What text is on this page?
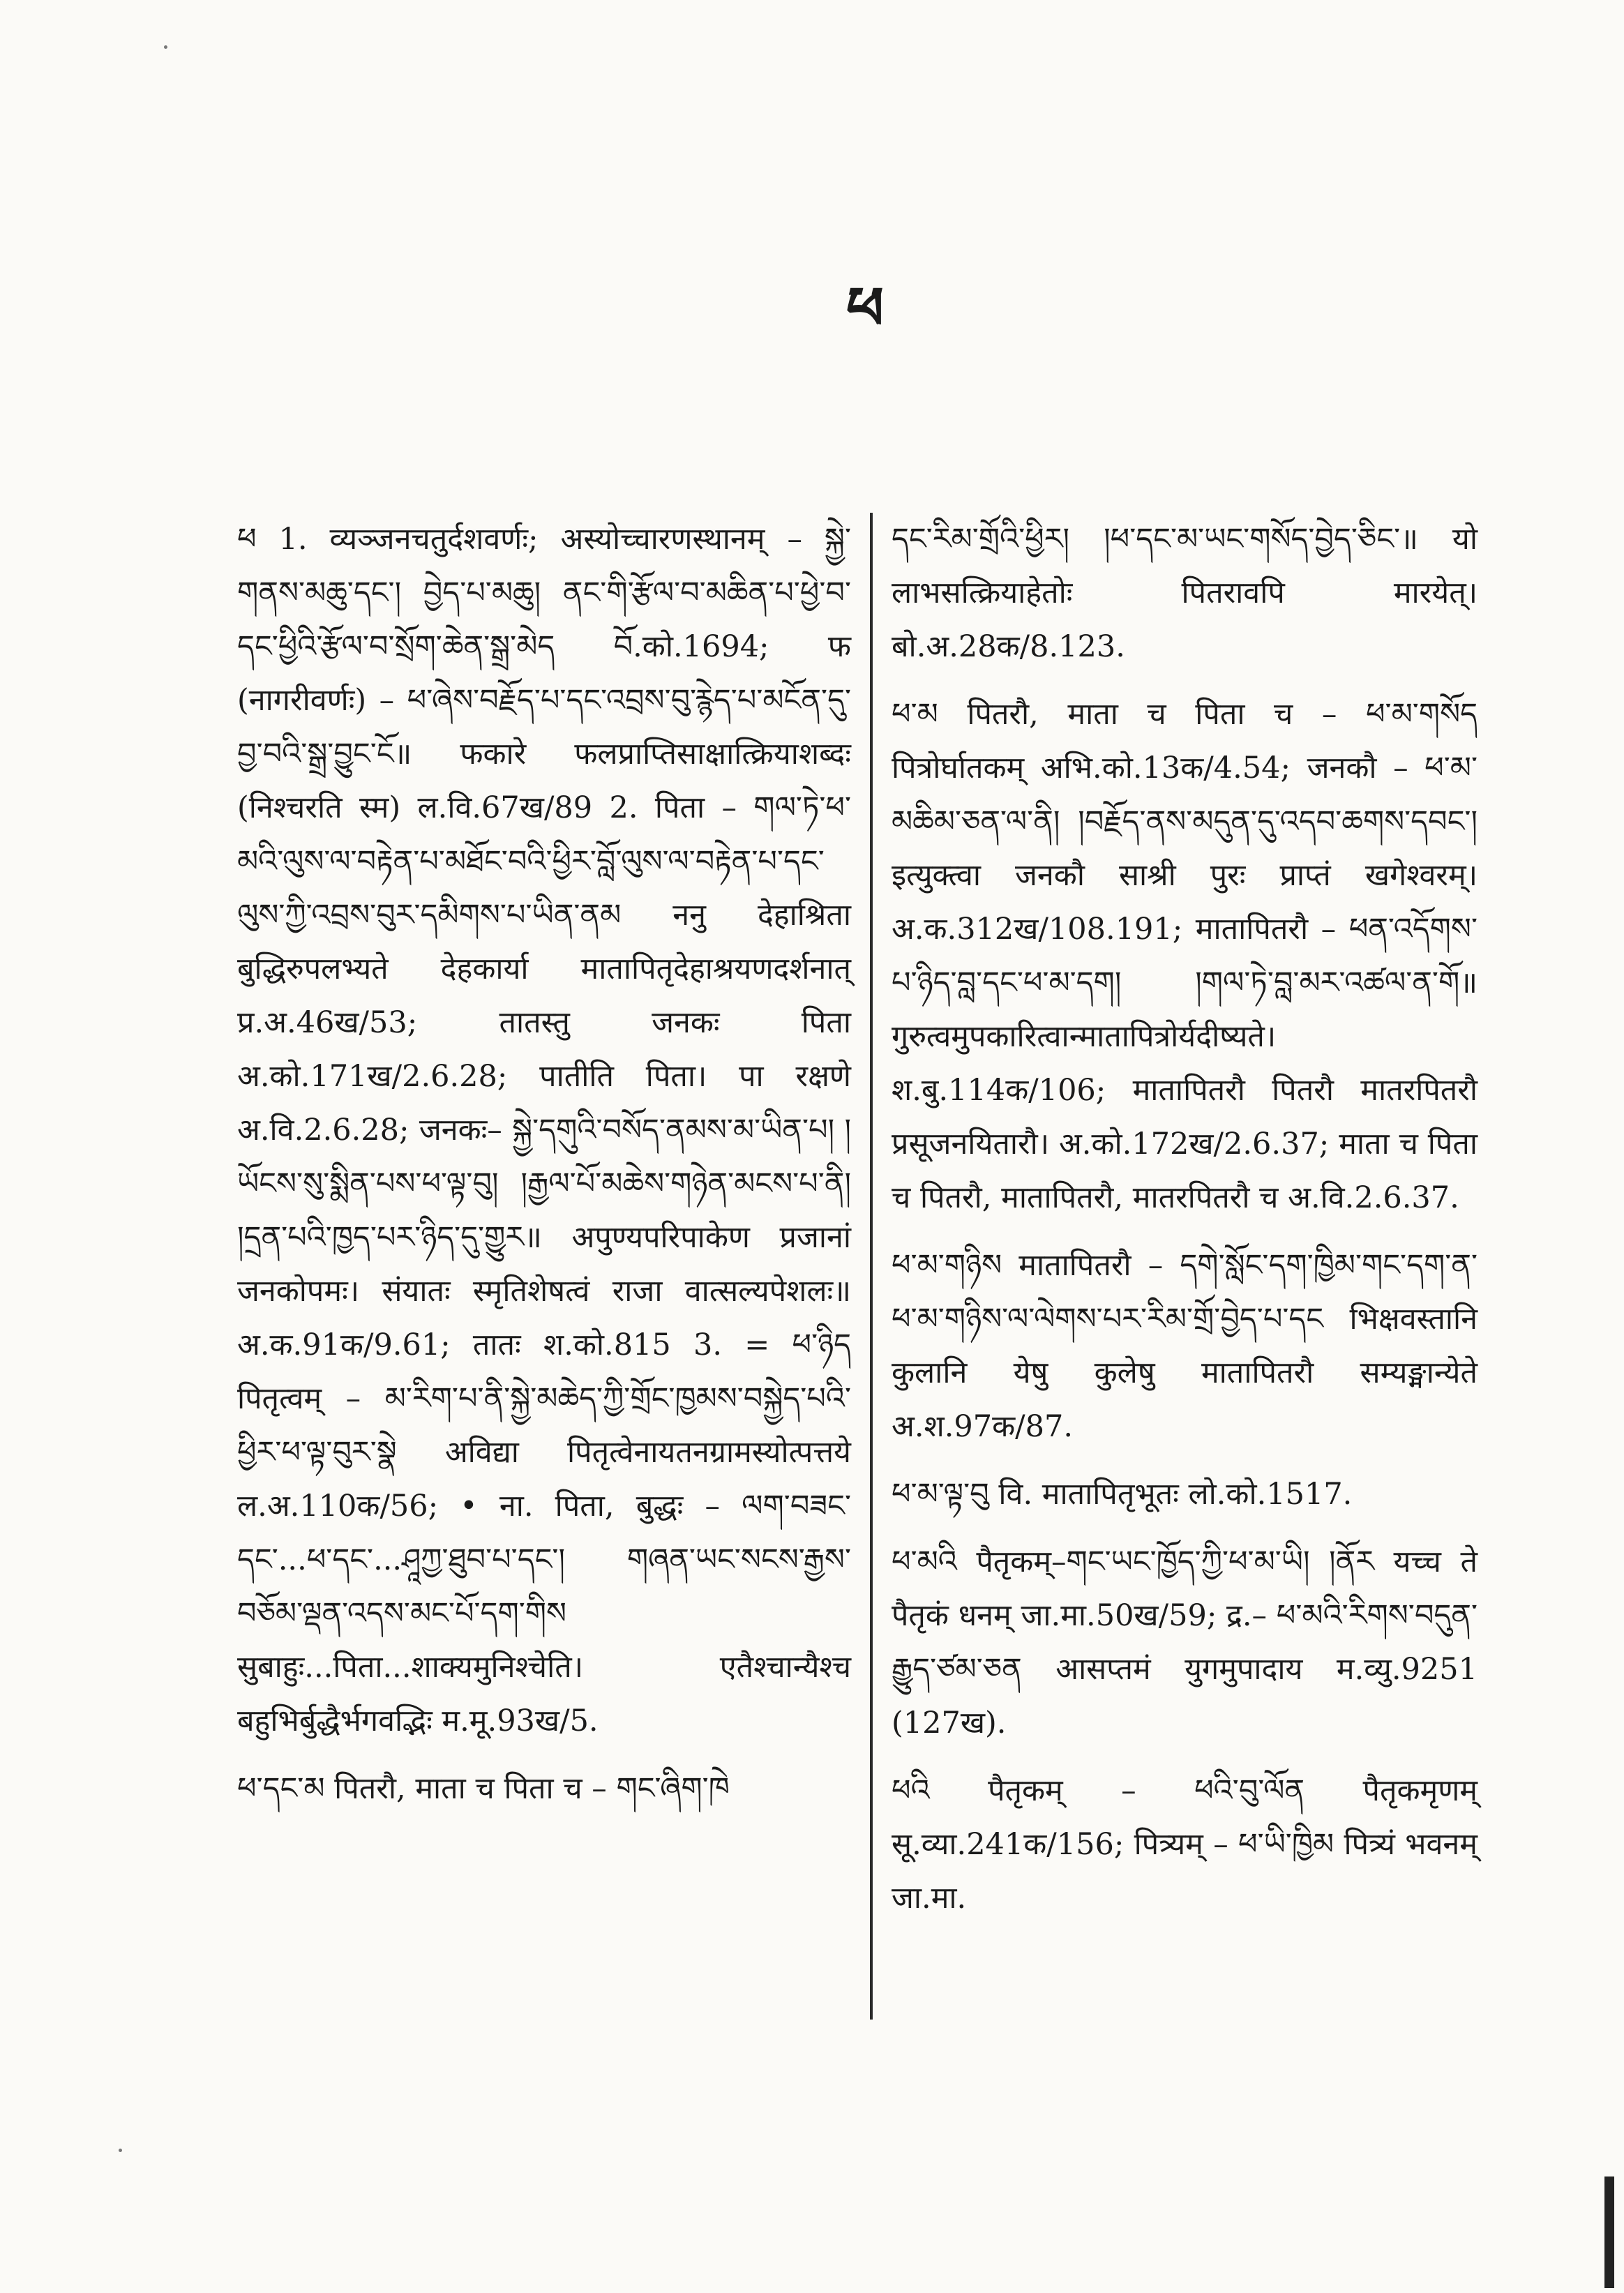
ཕ

ཕ 1. व्यञ्जनचतुर्दशवर्णः; अस्योच्चारणस्थानम् – སྐྱེ་གནས་མཆུ་དང་། བྱེད་པ་མཆུ། ནང་གི་རྩོལ་བ་མཆིན་པ་ཕྱེ་བ་དང་ཕྱིའི་རྩོལ་བ་སྲོག་ཆེན་སྒྲ་མེད བོ.को.1694; फ (नागरीवर्णः) – ཕ་ཞེས་བརྗོད་པ་དང་འབྲས་བུ་རྙེད་པ་མངོན་དུ་བྱ་བའི་སྒྲ་བྱུང་ངོ॥ फकारे फलप्राप्तिसाक्षात्क्रियाशब्दः (निश्चरति स्म) ल.वि.67ख/89 2. पिता – གལ་ཏེ་ཕ་མའི་ལུས་ལ་བརྟེན་པ་མཐོང་བའི་ཕྱིར་བློ་ལུས་ལ་བརྟེན་པ་དང་ལུས་ཀྱི་འབྲས་བུར་དམིགས་པ་ཡིན་ནམ ननु देहाश्रिता बुद्धिरुपलभ्यते देहकार्या मातापितृदेहाश्रयणदर्शनात् प्र.अ.46ख/53; तातस्तु जनकः पिता अ.को.171ख/2.6.28; पातीति पिता। पा रक्षणे अ.वि.2.6.28; जनकः– སྐྱེ་དགུའི་བསོད་ནམས་མ་ཡིན་པ། །ཡོངས་སུ་སྨིན་པས་ཕ་ལྟ་བུ། །རྒྱལ་པོ་མཆེས་གཉེན་མངས་པ་ནི། །དྲན་པའི་ཁྱད་པར་ཉིད་དུ་གྱུར॥ अपुण्यपरिपाकेण प्रजानां जनकोपमः। संयातः स्मृतिशेषत्वं राजा वात्सल्यपेशलः॥ अ.क.91क/9.61; तातः श.को.815 3. = ཕ་ཉིད पितृत्वम् – མ་རིག་པ་ནི་སྐྱེ་མཆེད་ཀྱི་གྲོང་ཁྱམས་བསྐྱེད་པའི་ཕྱིར་ཕ་ལྟ་བུར་སྣེ अविद्या पितृत्वेनायतनग्रामस्योत्पत्तये ल.अ.110क/56; • ना. पिता, बुद्धः – ལག་བཟང་དང་...ཕ་དང་...ཤཱཀྱ་ཐུབ་པ་དང་། གཞན་ཡང་སངས་རྒྱས་བཅོམ་ལྡན་འདས་མང་པོ་དག་གིས सुबाहुः...पिता...शाक्यमुनिश्चेति। एतैश्चान्यैश्च बहुभिर्बुद्धैर्भगवद्भिः म.मू.93ख/5.

ཕ་དང་མ पितरौ, माता च पिता च – གང་ཞིག་ཁེ

དང་རིམ་གྲོའི་ཕྱིར། །ཕ་དང་མ་ཡང་གསོད་བྱེད་ཅིང་॥ यो लाभसत्क्रियाहेतोः पितरावपि मारयेत्। बो.अ.28क/8.123.

ཕ་མ पितरौ, माता च पिता च – ཕ་མ་གསོད पित्रोर्घातकम् अभि.को.13क/4.54; जनकौ – ཕ་མ་མཆིམ་ཅན་ལ་ནི། །བརྗོད་ནས་མདུན་དུ་འདབ་ཆགས་དབང་། इत्युक्त्वा जनकौ साश्री पुरः प्राप्तं खगेश्वरम्। अ.क.312ख/108.191; मातापितरौ – ཕན་འདོགས་པ་ཉིད་བླ་དང་ཕ་མ་དག། །གལ་ཏེ་བླ་མར་འཚལ་ན་གོ॥ गुरुत्वमुपकारित्वान्मातापित्रोर्यदीष्यते। श.बु.114क/106; मातापितरौ पितरौ मातरपितरौ प्रसूजनयितारौ। अ.को.172ख/2.6.37; माता च पिता च पितरौ, मातापितरौ, मातरपितरौ च अ.वि.2.6.37.

ཕ་མ་གཉིས मातापितरौ – དགེ་སློང་དག་ཁྱིམ་གང་དག་ན་ཕ་མ་གཉིས་ལ་ལེགས་པར་རིམ་གྲོ་བྱེད་པ་དང भिक्षवस्तानि कुलानि येषु कुलेषु मातापितरौ सम्यङ्मान्येते अ.श.97क/87.

ཕ་མ་ལྟ་བུ वि. मातापितृभूतः लो.को.1517.

ཕ་མའི पैतृकम्–གང་ཡང་ཁྱོད་ཀྱི་ཕ་མ་ཡི། །ནོར यच्च ते पैतृकं धनम् जा.मा.50ख/59; द्र.– ཕ་མའི་རིགས་བདུན་རྒྱུད་ཙམ་ཅན आसप्तमं युगमुपादाय म.व्यु.9251 (127ख).

ཕའི पैतृकम् – ཕའི་བུ་ལོན पैतृकमृणम् सू.व्या.241क/156; पित्र्यम् – ཕ་ཡི་ཁྱིམ पित्र्यं भवनम् जा.मा.
